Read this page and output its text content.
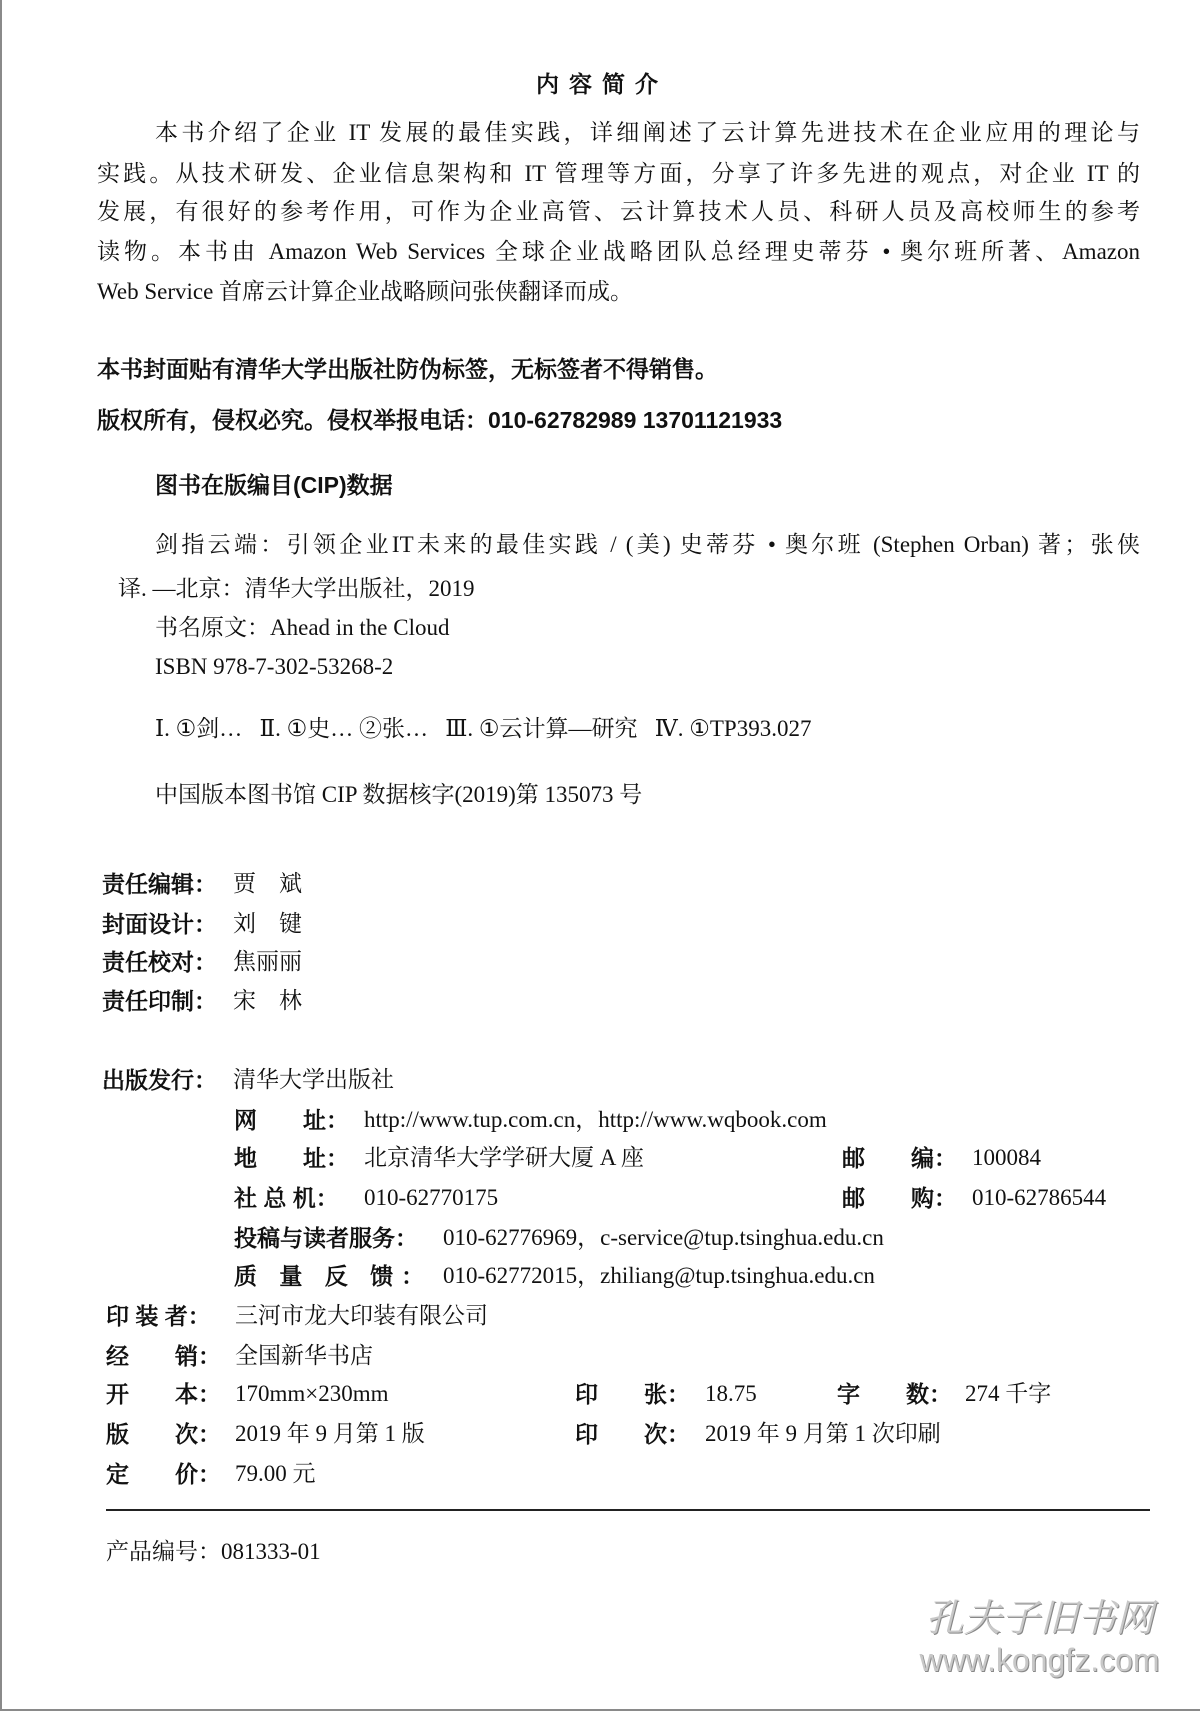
内容简介
本书介绍了企业 IT 发展的最佳实践，详细阐述了云计算先进技术在企业应用的理论与
实践。从技术研发、企业信息架构和 IT 管理等方面，分享了许多先进的观点，对企业 IT 的
发展，有很好的参考作用，可作为企业高管、云计算技术人员、科研人员及高校师生的参考
读物。本书由 Amazon Web Services 全球企业战略团队总经理史蒂芬 • 奥尔班所著、Amazon
Web Service 首席云计算企业战略顾问张侠翻译而成。
本书封面贴有清华大学出版社防伪标签，无标签者不得销售。
版权所有，侵权必究。侵权举报电话：010-62782989 13701121933
图书在版编目(CIP)数据
剑指云端：引领企业IT未来的最佳实践 / (美) 史蒂芬 • 奥尔班 (Stephen Orban) 著；张侠
译. —北京：清华大学出版社，2019
书名原文：Ahead in the Cloud
ISBN 978-7-302-53268-2
Ⅰ. ①剑…   Ⅱ. ①史… ②张…   Ⅲ. ①云计算—研究   Ⅳ. ①TP393.027
中国版本图书馆 CIP 数据核字(2019)第 135073 号
责任编辑： 贾　斌
封面设计： 刘　键
责任校对： 焦丽丽
责任印制： 宋　林
出版发行： 清华大学出版社
网　　址： http://www.tup.com.cn，http://www.wqbook.com
地　　址： 北京清华大学学研大厦 A 座	邮　　编： 100084
社 总 机： 010-62770175	邮　　购： 010-62786544
投稿与读者服务： 010-62776969，c-service@tup.tsinghua.edu.cn
质 量 反 馈： 010-62772015，zhiliang@tup.tsinghua.edu.cn
印 装 者： 三河市龙大印装有限公司
经　　销： 全国新华书店
开　　本： 170mm×230mm	印　　张： 18.75	字　　数： 274 千字
版　　次： 2019 年 9 月第 1 版	印　　次： 2019 年 9 月第 1 次印刷
定　　价： 79.00 元
产品编号：081333-01
孔夫子旧书网
www.kongfz.com
